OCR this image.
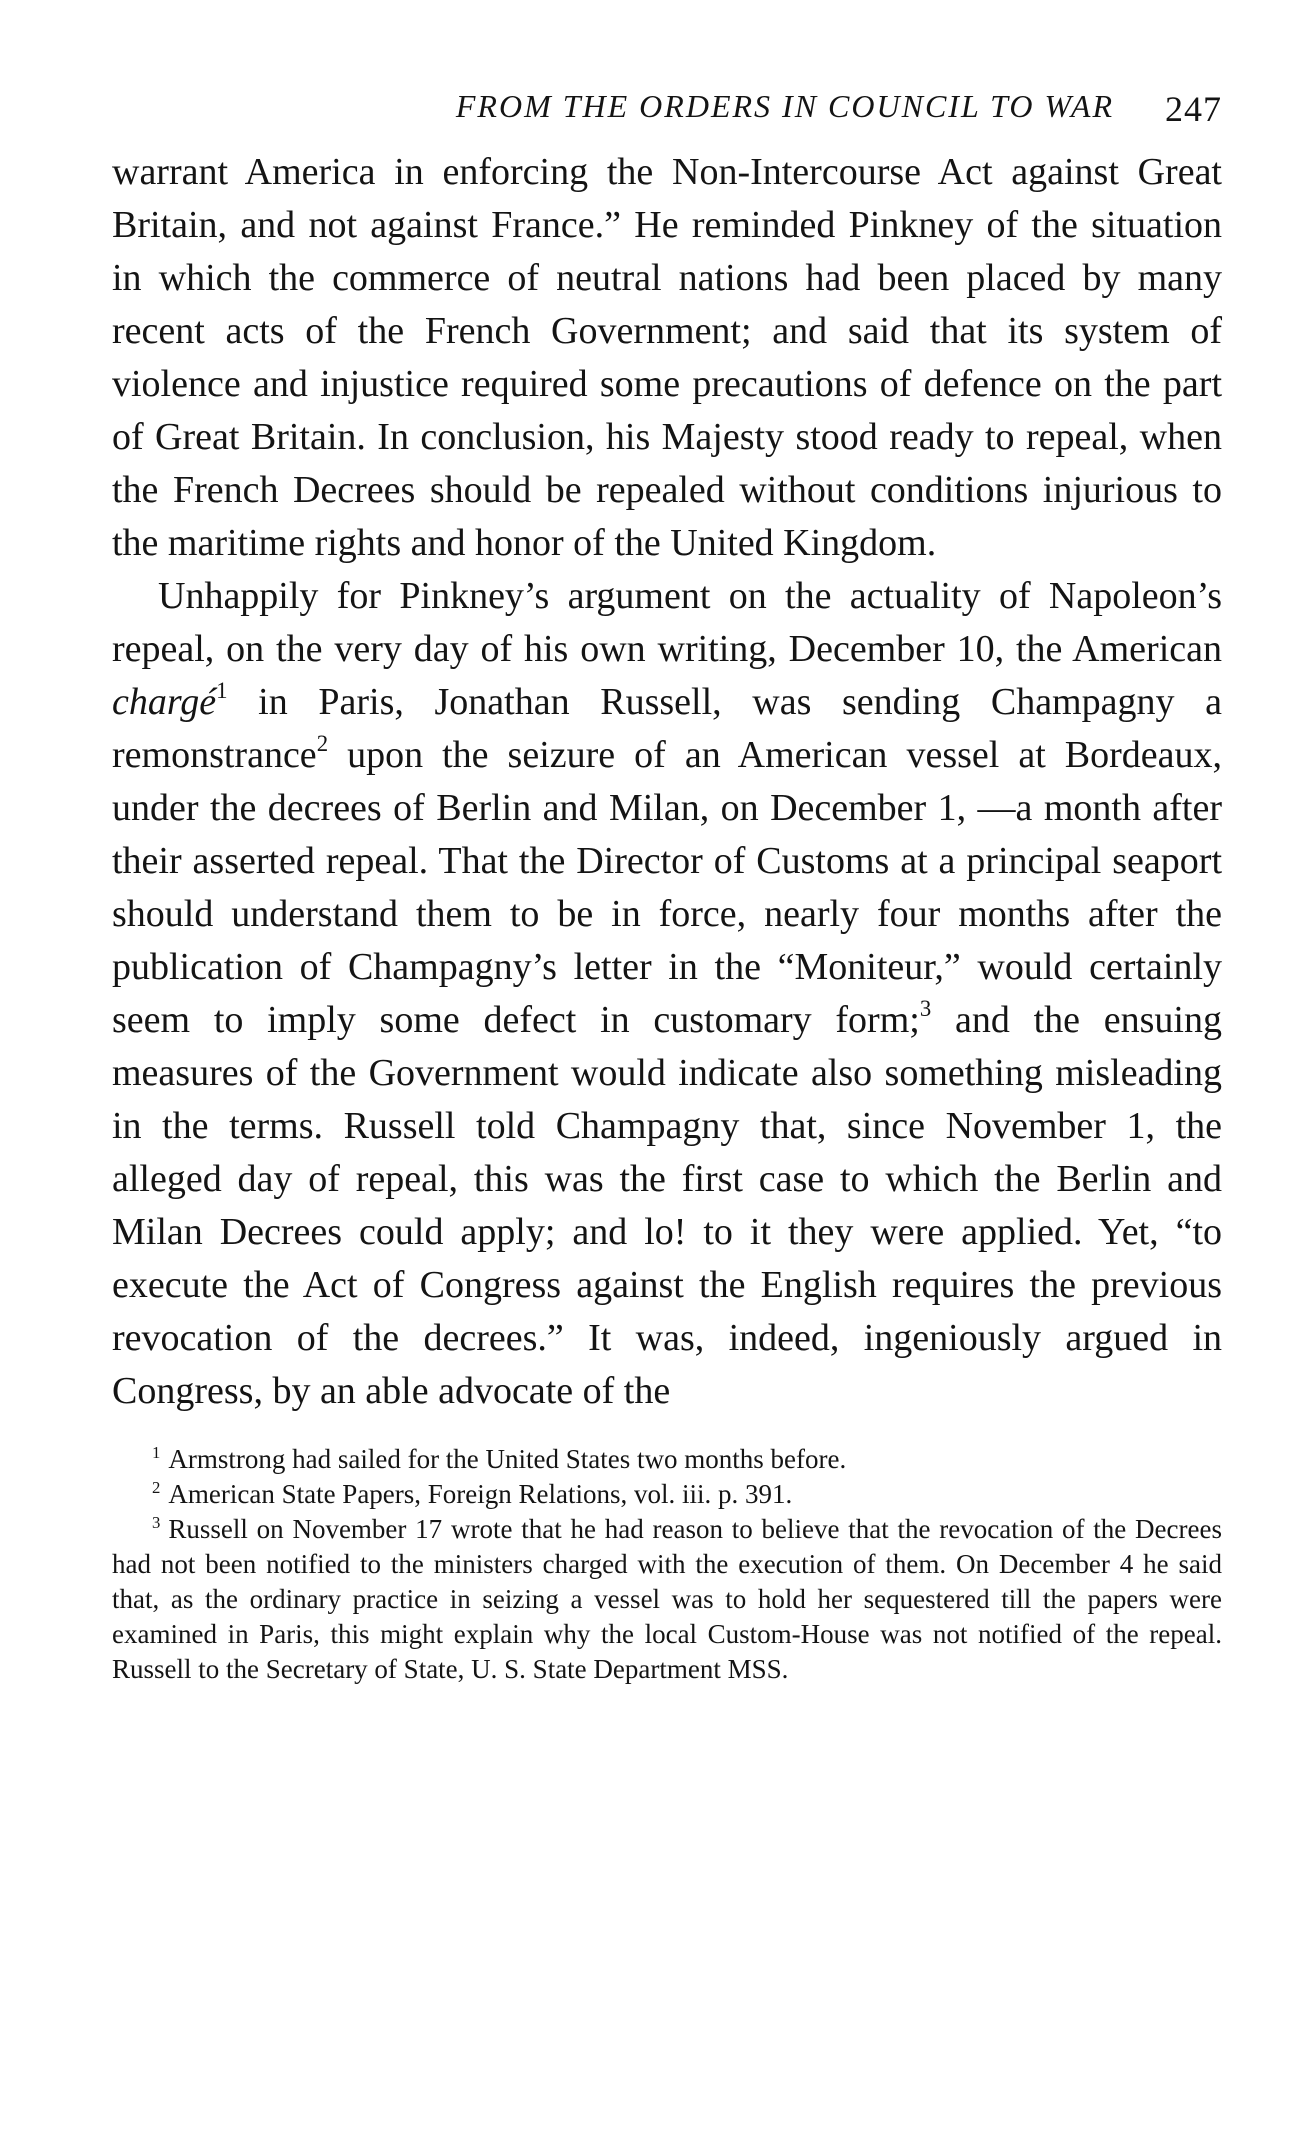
FROM THE ORDERS IN COUNCIL TO WAR 247

warrant America in enforcing the Non-Intercourse Act against Great Britain, and not against France.” He reminded Pinkney of the situation in which the commerce of neutral nations had been placed by many recent acts of the French Government; and said that its system of violence and injustice required some precautions of defence on the part of Great Britain. In conclusion, his Majesty stood ready to repeal, when the French Decrees should be repealed without conditions injurious to the maritime rights and honor of the United Kingdom.

Unhappily for Pinkney’s argument on the actuality of Napoleon’s repeal, on the very day of his own writing, December 10, the American chargé$^1$ in Paris, Jonathan Russell, was sending Champagny a remonstrance$^2$ upon the seizure of an American vessel at Bordeaux, under the decrees of Berlin and Milan, on December 1, —a month after their asserted repeal. That the Director of Customs at a principal seaport should understand them to be in force, nearly four months after the publication of Champagny’s letter in the “Moniteur,” would certainly seem to imply some defect in customary form;$^3$ and the ensuing measures of the Government would indicate also something misleading in the terms. Russell told Champagny that, since November 1, the alleged day of repeal, this was the first case to which the Berlin and Milan Decrees could apply; and lo! to it they were applied. Yet, “to execute the Act of Congress against the English requires the previous revocation of the decrees.” It was, indeed, ingeniously argued in Congress, by an able advocate of the

$^1$ Armstrong had sailed for the United States two months before.

$^2$ American State Papers, Foreign Relations, vol. iii. p. 391.

$^3$ Russell on November 17 wrote that he had reason to believe that the revocation of the Decrees had not been notified to the ministers charged with the execution of them. On December 4 he said that, as the ordinary practice in seizing a vessel was to hold her sequestered till the papers were examined in Paris, this might explain why the local Custom-House was not notified of the repeal. Russell to the Secretary of State, U. S. State Department MSS.
